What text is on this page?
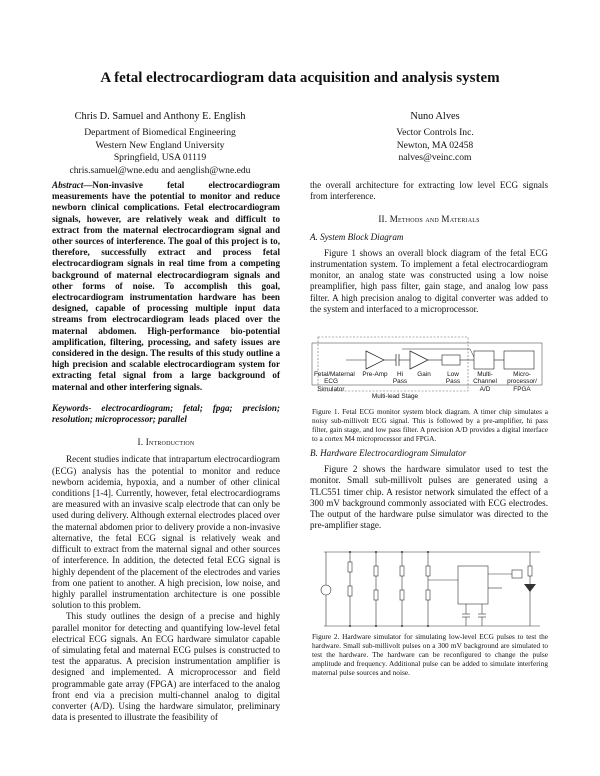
A fetal electrocardiogram data acquisition and analysis system
Chris D. Samuel and Anthony E. English
Department of Biomedical Engineering
Western New England University
Springfield, USA 01119
chris.samuel@wne.edu and aenglish@wne.edu
Nuno Alves
Vector Controls Inc.
Newton, MA 02458
nalves@veinc.com
Abstract—Non-invasive fetal electrocardiogram measurements have the potential to monitor and reduce newborn clinical complications. Fetal electrocardiogram signals, however, are relatively weak and difficult to extract from the maternal electrocardiogram signal and other sources of interference. The goal of this project is to, therefore, successfully extract and process fetal electrocardiogram signals in real time from a competing background of maternal electrocardiogram signals and other forms of noise. To accomplish this goal, electrocardiogram instrumentation hardware has been designed, capable of processing multiple input data streams from electrocardiogram leads placed over the maternal abdomen. High-performance bio-potential amplification, filtering, processing, and safety issues are considered in the design. The results of this study outline a high precision and scalable electrocardiogram system for extracting fetal signal from a large background of maternal and other interfering signals.
Keywords- electrocardiogram; fetal; fpga; precision; resolution; microprocessor; parallel
I. Introduction

Recent studies indicate that intrapartum electrocardiogram (ECG) analysis has the potential to monitor and reduce newborn acidemia, hypoxia, and a number of other clinical conditions [1-4]. Currently, however, fetal electrocardiograms are measured with an invasive scalp electrode that can only be used during delivery. Although external electrodes placed over the maternal abdomen prior to delivery provide a non-invasive alternative, the fetal ECG signal is relatively weak and difficult to extract from the maternal signal and other sources of interference. In addition, the detected fetal ECG signal is highly dependent of the placement of the electrodes and varies from one patient to another. A high precision, low noise, and highly parallel instrumentation architecture is one possible solution to this problem.

This study outlines the design of a precise and highly parallel monitor for detecting and quantifying low-level fetal electrical ECG signals. An ECG hardware simulator capable of simulating fetal and maternal ECG pulses is constructed to test the apparatus. A precision instrumentation amplifier is designed and implemented. A microprocessor and field programmable gate array (FPGA) are interfaced to the analog front end via a precision multi-channel analog to digital converter (A/D). Using the hardware simulator, preliminary data is presented to illustrate the feasibility of

the overall architecture for extracting low level ECG signals from interference.
II. Methods and Materials
A. System Block Diagram

Figure 1 shows an overall block diagram of the fetal ECG instrumentation system. To implement a fetal electrocardiogram monitor, an analog state was constructed using a low noise preamplifier, high pass filter, gain stage, and analog low pass filter. A high precision analog to digital converter was added to the system and interfaced to a microprocessor.

Fetal/Maternal ECG Simulator
Pre-Amp	Hi Pass
Gain	Low Pass
Multi-Channel A/D
Micro-processor/ FPGA
Multi-lead Stage
Figure 1. Fetal ECG monitor system block diagram. A timer chip simulates a noisy sub-millivolt ECG signal. This is followed by a pre-amplifier, hi pass filter, gain stage, and low pass filter. A precision A/D provides a digital interface to a cortex M4 microprocessor and FPGA.
B. Hardware Electrocardiogram Simulator

Figure 2 shows the hardware simulator used to test the monitor. Small sub-millivolt pulses are generated using a TLC551 timer chip. A resistor network simulated the effect of a 300 mV background commonly associated with ECG electrodes. The output of the hardware pulse simulator was directed to the pre-amplifier stage.

Figure 2. Hardware simulator for simulating low-level ECG pulses to test the hardware. Small sub-millivolt pulses on a 300 mV background are simulated to test the hardware. The hardware can be reconfigured to change the pulse amplitude and frequency. Additional pulse can be added to simulate interfering maternal pulse sources and noise.
